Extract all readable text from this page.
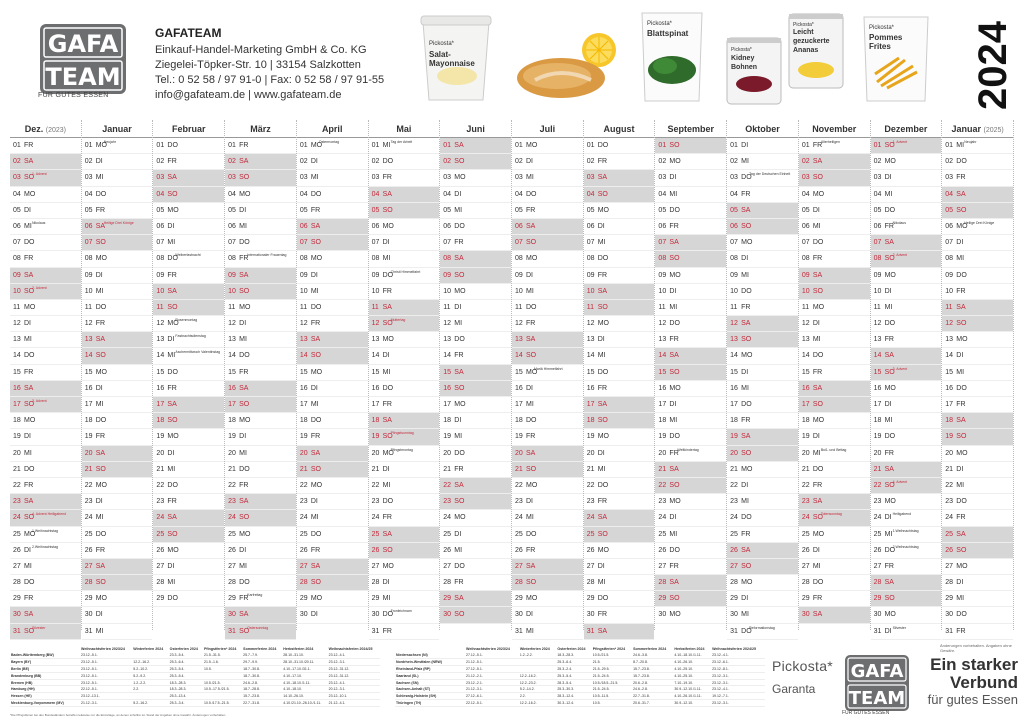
GAFA
TEAM
FÜR GUTES ESSEN
GAFATEAM
Einkauf-Handel-Marketing GmbH & Co. KG
Ziegelei-Töpker-Str. 10 | 33154 Salzkotten
Tel.: 0 52 58 / 97 91-0 | Fax: 0 52 58 / 97 91-55
info@gafateam.de | www.gafateam.de
Pickosta*
Salat-Mayonnaise
Pickosta*
Blattspinat
Pickosta*
Kidney Bohnen
Pickosta*
Leicht gezuckerte Ananas
Pickosta*
Pommes Frites	2024
Dez. (2023)
01 FR
02 SA
03 SO
1. Advent
04 MO
05 DI
06 MI Nikolaus
07 DO
08 FR
09 SA
10 SO
2. Advent
11 MO
12 DI
13 MI
14 DO
15 FR
16 SA
17 SO
3. Advent
18 MO
19 DI
20 MI
21 DO
22 FR
23 SA
24 SO
4. Advent Heiligabend
25 MO
1.Weihnachtstag
26 DI 2.Weihnachtstag
27 MI
28 DO
29 FR
30 SA
31 SO
Silvester
Januar
01 MO
Neujahr
02 DI
03 MI
04 DO
05 FR
06 SA
Heilige Drei Könige
07 SO
08 MO
09 DI
10 MI
11 DO
12 FR
13 SA
14 SO
15 MO
16 DI
17 MI
18 DO
19 FR
20 SA
21 SO
22 MO
23 DI
24 MI
25 DO
26 FR
27 SA
28 SO
29 MO
30 DI
31 MI
Februar
01 DO
02 FR
03 SA
04 SO
05 MO
06 DI
07 MI
08 DO
Weiberfastnacht
09 FR
10 SA
11 SO
12 MO
Rosenmontag
13 DI Fastnachtsdienstag
14 MI Aschermittwoch Valentinstag
15 DO
16 FR
17 SA
18 SO
19 MO
20 DI
21 MI
22 DO
23 FR
24 SA
25 SO
26 MO
27 DI
28 MI
29 DO
März
01 FR
02 SA
03 SO
04 MO
05 DI
06 MI
07 DO
08 FR
Internationaler Frauentag
09 SA
10 SO
11 MO
12 DI
13 MI
14 DO
15 FR
16 SA
17 SO
18 MO
19 DI
20 MI
21 DO
22 FR
23 SA
24 SO
25 MO
26 DI
27 MI
28 DO
29 FR
Karfreitag
30 SA
31 SO
Ostersonntag
April
01 MO
Ostermontag
02 DI
03 MI
04 DO
05 FR
06 SA
07 SO
08 MO
09 DI
10 MI
11 DO
12 FR
13 SA
14 SO
15 MO
16 DI
17 MI
18 DO
19 FR
20 SA
21 SO
22 MO
23 DI
24 MI
25 DO
26 FR
27 SA
28 SO
29 MO
30 DI
Mai
01 MI Tag der Arbeit
02 DO
03 FR
04 SA
05 SO
06 MO
07 DI
08 MI
09 DO
Christi Himmelfahrt
10 FR
11 SA
12 SO
Muttertag
13 MO
14 DI
15 MI
16 DO
17 FR
18 SA
19 SO
Pfingstsonntag
20 MO
Pfingstmontag
21 DI
22 MI
23 DO
24 FR
25 SA
26 SO
27 MO
28 DI
29 MI
30 DO
Fronleichnam
31 FR
Juni
01 SA
02 SO
03 MO
04 DI
05 MI
06 DO
07 FR
08 SA
09 SO
10 MO
11 DI
12 MI
13 DO
14 FR
15 SA
16 SO
17 MO
18 DI
19 MI
20 DO
21 FR
22 SA
23 SO
24 MO
25 DI
26 MI
27 DO
28 FR
29 SA
30 SO
Juli
01 MO
02 DI
03 MI
04 DO
05 FR
06 SA
07 SO
08 MO
09 DI
10 MI
11 DO
12 FR
13 SA
14 SO
15 MO
Mariä Himmelfahrt
16 DI
17 MI
18 DO
19 FR
20 SA
21 SO
22 MO
23 DI
24 MI
25 DO
26 FR
27 SA
28 SO
29 MO
30 DI
31 MI
August
01 DO
02 FR
03 SA
04 SO
05 MO
06 DI
07 MI
08 DO
09 FR
10 SA
11 SO
12 MO
13 DI
14 MI
15 DO
16 FR
17 SA
18 SO
19 MO
20 DI
21 MI
22 DO
23 FR
24 SA
25 SO
26 MO
27 DI
28 MI
29 DO
30 FR
31 SA
September
01 SO
02 MO
03 DI
04 MI
05 DO
06 FR
07 SA
08 SO
09 MO
10 DI
11 MI
12 DO
13 FR
14 SA
15 SO
16 MO
17 DI
18 MI
19 DO
20 FR
Weltkindertag
21 SA
22 SO
23 MO
24 DI
25 MI
26 DO
27 FR
28 SA
29 SO
30 MO
Oktober
01 DI
02 MI
03 DO
Tag der Deutschen Einheit
04 FR
05 SA
06 SO
07 MO
08 DI
09 MI
10 DO
11 FR
12 SA
13 SO
14 MO
15 DI
16 MI
17 DO
18 FR
19 SA
20 SO
21 MO
22 DI
23 MI
24 DO
25 FR
26 SA
27 SO
28 MO
29 DI
30 MI
31 DO
Reformationstag
November
01 FR
Allerheiligen
02 SA
03 SO
04 MO
05 DI
06 MI
07 DO
08 FR
09 SA
10 SO
11 MO
12 DI
13 MI
14 DO
15 FR
16 SA
17 SO
18 MO
19 DI
20 MI Buß- und Bettag
21 DO
22 FR
23 SA
24 SO
Totensonntag
25 MO
26 DI
27 MI
28 DO
29 FR
30 SA
Dezember
01 SO
1. Advent
02 MO
03 DI
04 MI
05 DO
06 FR
Nikolaus
07 SA
08 SO
2. Advent
09 MO
10 DI
11 MI
12 DO
13 FR
14 SA
15 SO
3. Advent
16 MO
17 DI
18 MI
19 DO
20 FR
21 SA
22 SO
4. Advent
23 MO
24 DI Heiligabend
25 MI 1.Weihnachtstag
26 DO
2.Weihnachtstag
27 FR
28 SA
29 SO
30 MO
31 DI Silvester
Januar (2025)
01 MI Neujahr
02 DO
03 FR
04 SA
05 SO
06 MO
Heilige Drei Könige
07 DI
08 MI
09 DO
10 FR
11 SA
12 SO
13 MO
14 DI
15 MI
16 DO
17 FR
18 SA
19 SO
20 MO
21 DI
22 MI
23 DO
24 FR
25 SA
26 SO
27 MO
28 DI
29 MI
30 DO
31 FR
	Weihnachtsferien 2023/24	Winterferien 2024	Osterferien 2024	Pfingstferien* 2024	Sommerferien 2024	Herbstferien 2024	Weihnachtsferien 2024/25
Baden-Württemberg (BW)	23.12.-5.1.		23.3.-5.4.	21.5.-31.5.	25.7.-7.9.	28.10.-31.10.	23.12.-4.1.
Bayern (BY)	23.12.-5.1.	12.2.-16.2.	25.3.-6.4.	21.5.-1.6.	29.7.-9.9.	28.10.-31.10./20.11.	23.12.-3.1.
Berlin (BE)	23.12.-5.1.	5.2.-10.2.	25.3.-5.4.	10.5.	18.7.-30.8.	4.10.-17.10./31.1.	23.12.-31.12.
Brandenburg (BB)	23.12.-5.1.	5.2.-9.2.	25.3.-5.4.		18.7.-30.8.	4.10.-17.10.	23.12.-31.12.
Bremen (HB)	23.12.-5.1.	1.2.-2.2.	18.3.-28.3.	10.5./21.5.	24.6.-2.8.	4.10.-18.10./1.11.	23.12.-4.1.
Hamburg (HH)	22.12.-5.1.	2.2.	18.3.-28.3.	10.5.-17.5./21.5.	18.7.-28.8.	4.10.-18.10.	20.12.-3.1.
Hessen (HE)	23.12.-13.1.		25.3.-13.4.		15.7.-23.8.	14.10.-26.10.	23.12.-10.1.
Mecklenburg-Vorpommern (MV)	21.12.-3.1.	5.2.-16.2.	25.3.-3.4.	10.5./17.5.-21.5.	22.7.-31.8.	4.10./21.10.-26.10./1.11.	21.12.-4.1.
	Weihnachtsferien 2023/24	Winterferien 2024	Osterferien 2024	Pfingstferien* 2024	Sommerferien 2024	Herbstferien 2024	Weihnachtsferien 2024/25
Niedersachsen (NI)	27.12.-5.1.	1.2.-2.2.	18.3.-28.3.	10.5./21.5.	24.6.-3.8.	4.10.-18.10./1.11.	23.12.-4.1.
Nordrhein-Westfalen (NRW)	21.12.-5.1.		25.3.-6.4.	21.5.	8.7.-20.8.	4.10.-26.10.	23.12.-6.1.
Rheinland-Pfalz (RP)	27.12.-5.1.		25.3.-2.4.	21.5.-29.5.	15.7.-23.8.	4.10.-25.10.	23.12.-8.1.
Saarland (SL)	21.12.-2.1.	12.2.-16.2.	25.3.-5.4.	21.5.-24.5.	15.7.-23.8.	4.10.-25.10.	23.12.-3.1.
Sachsen (SN)	23.12.-2.1.	12.2.-23.2.	28.3.-5.4.	10.5./18.5.-21.5.	20.6.-2.8.	7.10.-19.10.	23.12.-3.1.
Sachsen-Anhalt (ST)	21.12.-3.1.	5.2.-14.2.	25.3.-30.3.	21.5.-24.5.	24.6.-2.8.	30.9.-12.10./1.11.	23.12.-4.1.
Schleswig-Holstein (SH)	27.12.-6.1.	2.2.	28.3.-12.4.	10.5.-11.5.	22.7.-31.8.	4.10.-26.10./1.11.	19.12.-7.1.
Thüringen (TH)	22.12.-5.1.	12.2.-16.2.	30.3.-12.4.	10.5.	20.6.-31.7.	30.9.-12.10.	23.12.-3.1.
*Die Pfingstferien bei den Bundesländern betreffen teilweise nur die Einzeltage, an denen schulfrei ist. Stand der Angaben ohne Gewähr. Änderungen vorbehalten.
Änderungen vorbehalten. Angaben ohne Gewähr.
Pickosta*
Garanta
GAFA
TEAM
FÜR GUTES ESSEN
Ein starker
Verbund
für gutes Essen
